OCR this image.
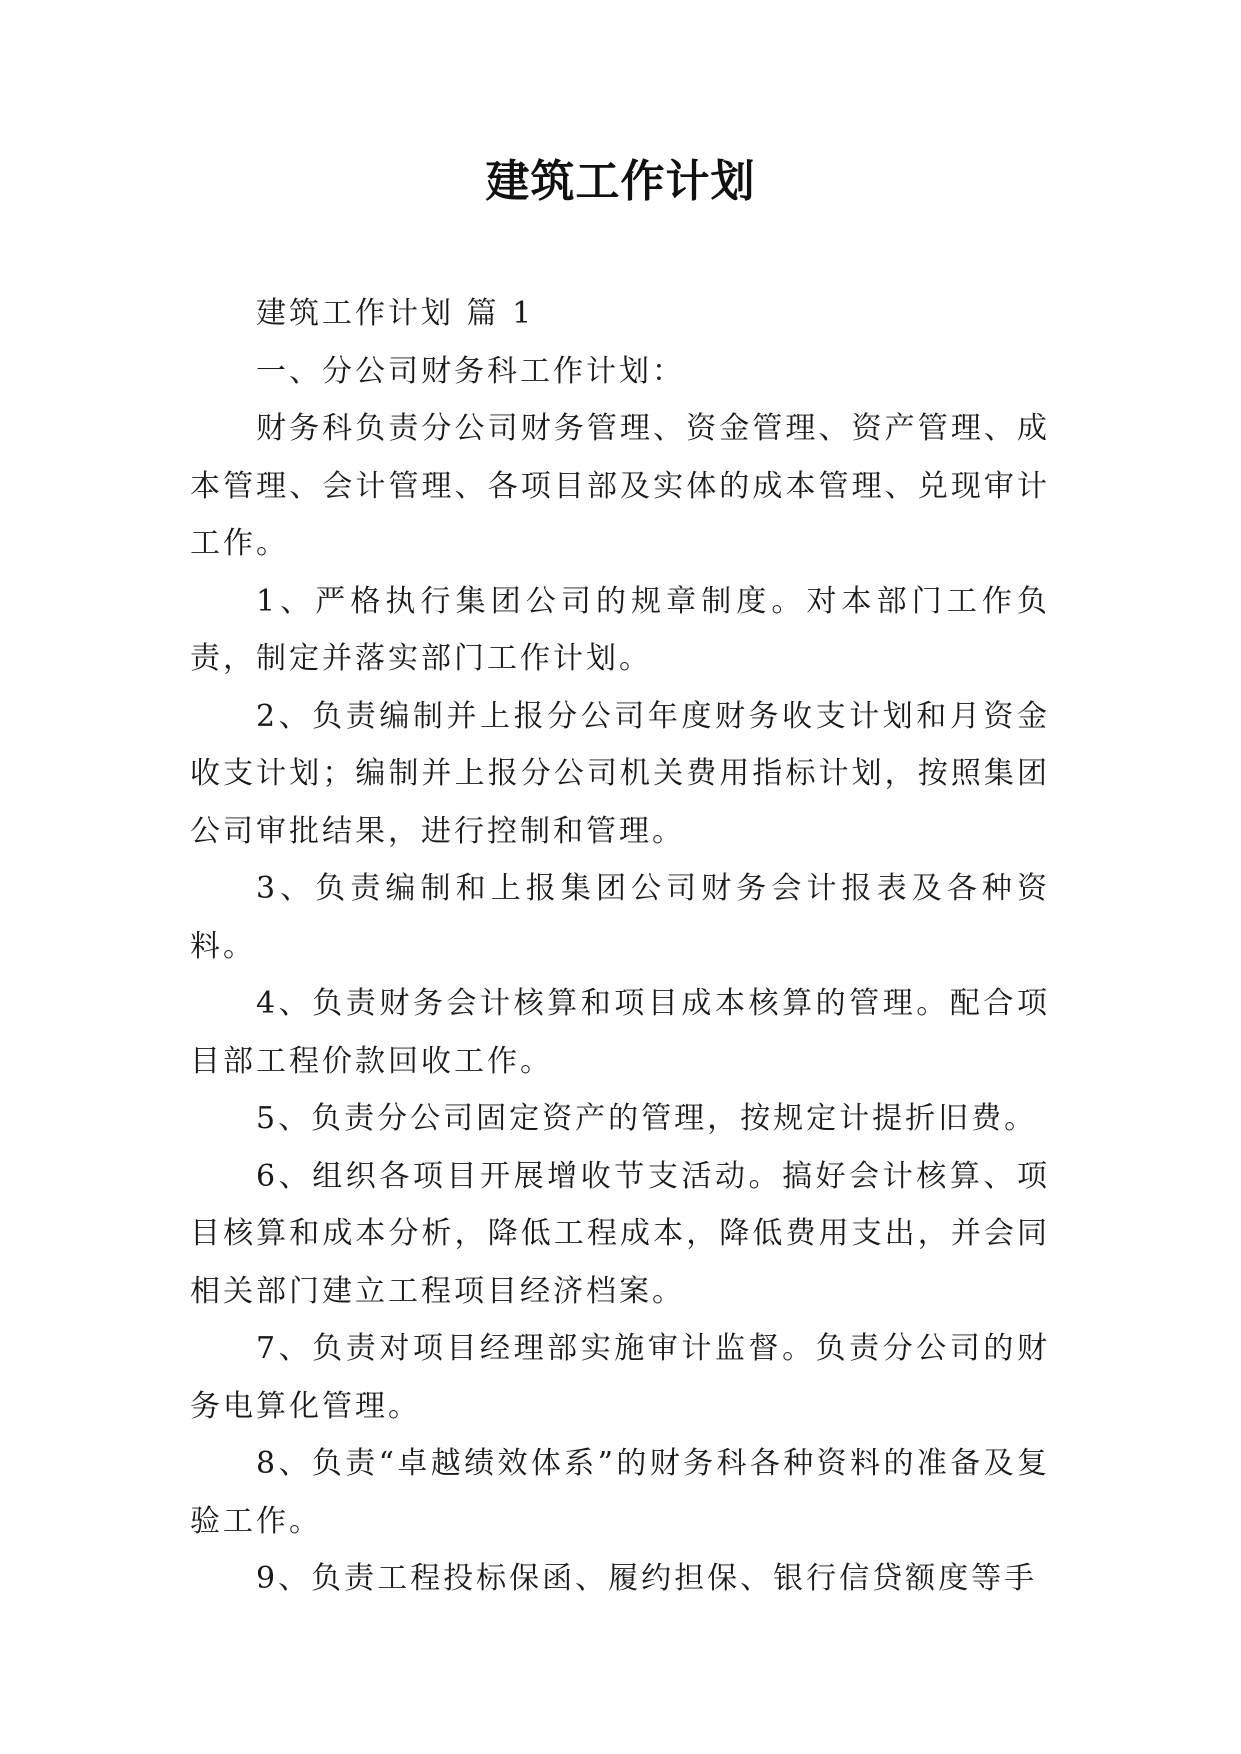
建筑工作计划

建筑工作计划 篇 1

一、分公司财务科工作计划：

财务科负责分公司财务管理、资金管理、资产管理、成本管理、会计管理、各项目部及实体的成本管理、兑现审计工作。

1、严格执行集团公司的规章制度。对本部门工作负责，制定并落实部门工作计划。

2、负责编制并上报分公司年度财务收支计划和月资金收支计划；编制并上报分公司机关费用指标计划，按照集团公司审批结果，进行控制和管理。

3、负责编制和上报集团公司财务会计报表及各种资料。

4、负责财务会计核算和项目成本核算的管理。配合项目部工程价款回收工作。

5、负责分公司固定资产的管理，按规定计提折旧费。

6、组织各项目开展增收节支活动。搞好会计核算、项目核算和成本分析，降低工程成本，降低费用支出，并会同相关部门建立工程项目经济档案。

7、负责对项目经理部实施审计监督。负责分公司的财务电算化管理。

8、负责“卓越绩效体系”的财务科各种资料的准备及复验工作。

9、负责工程投标保函、履约担保、银行信贷额度等手
